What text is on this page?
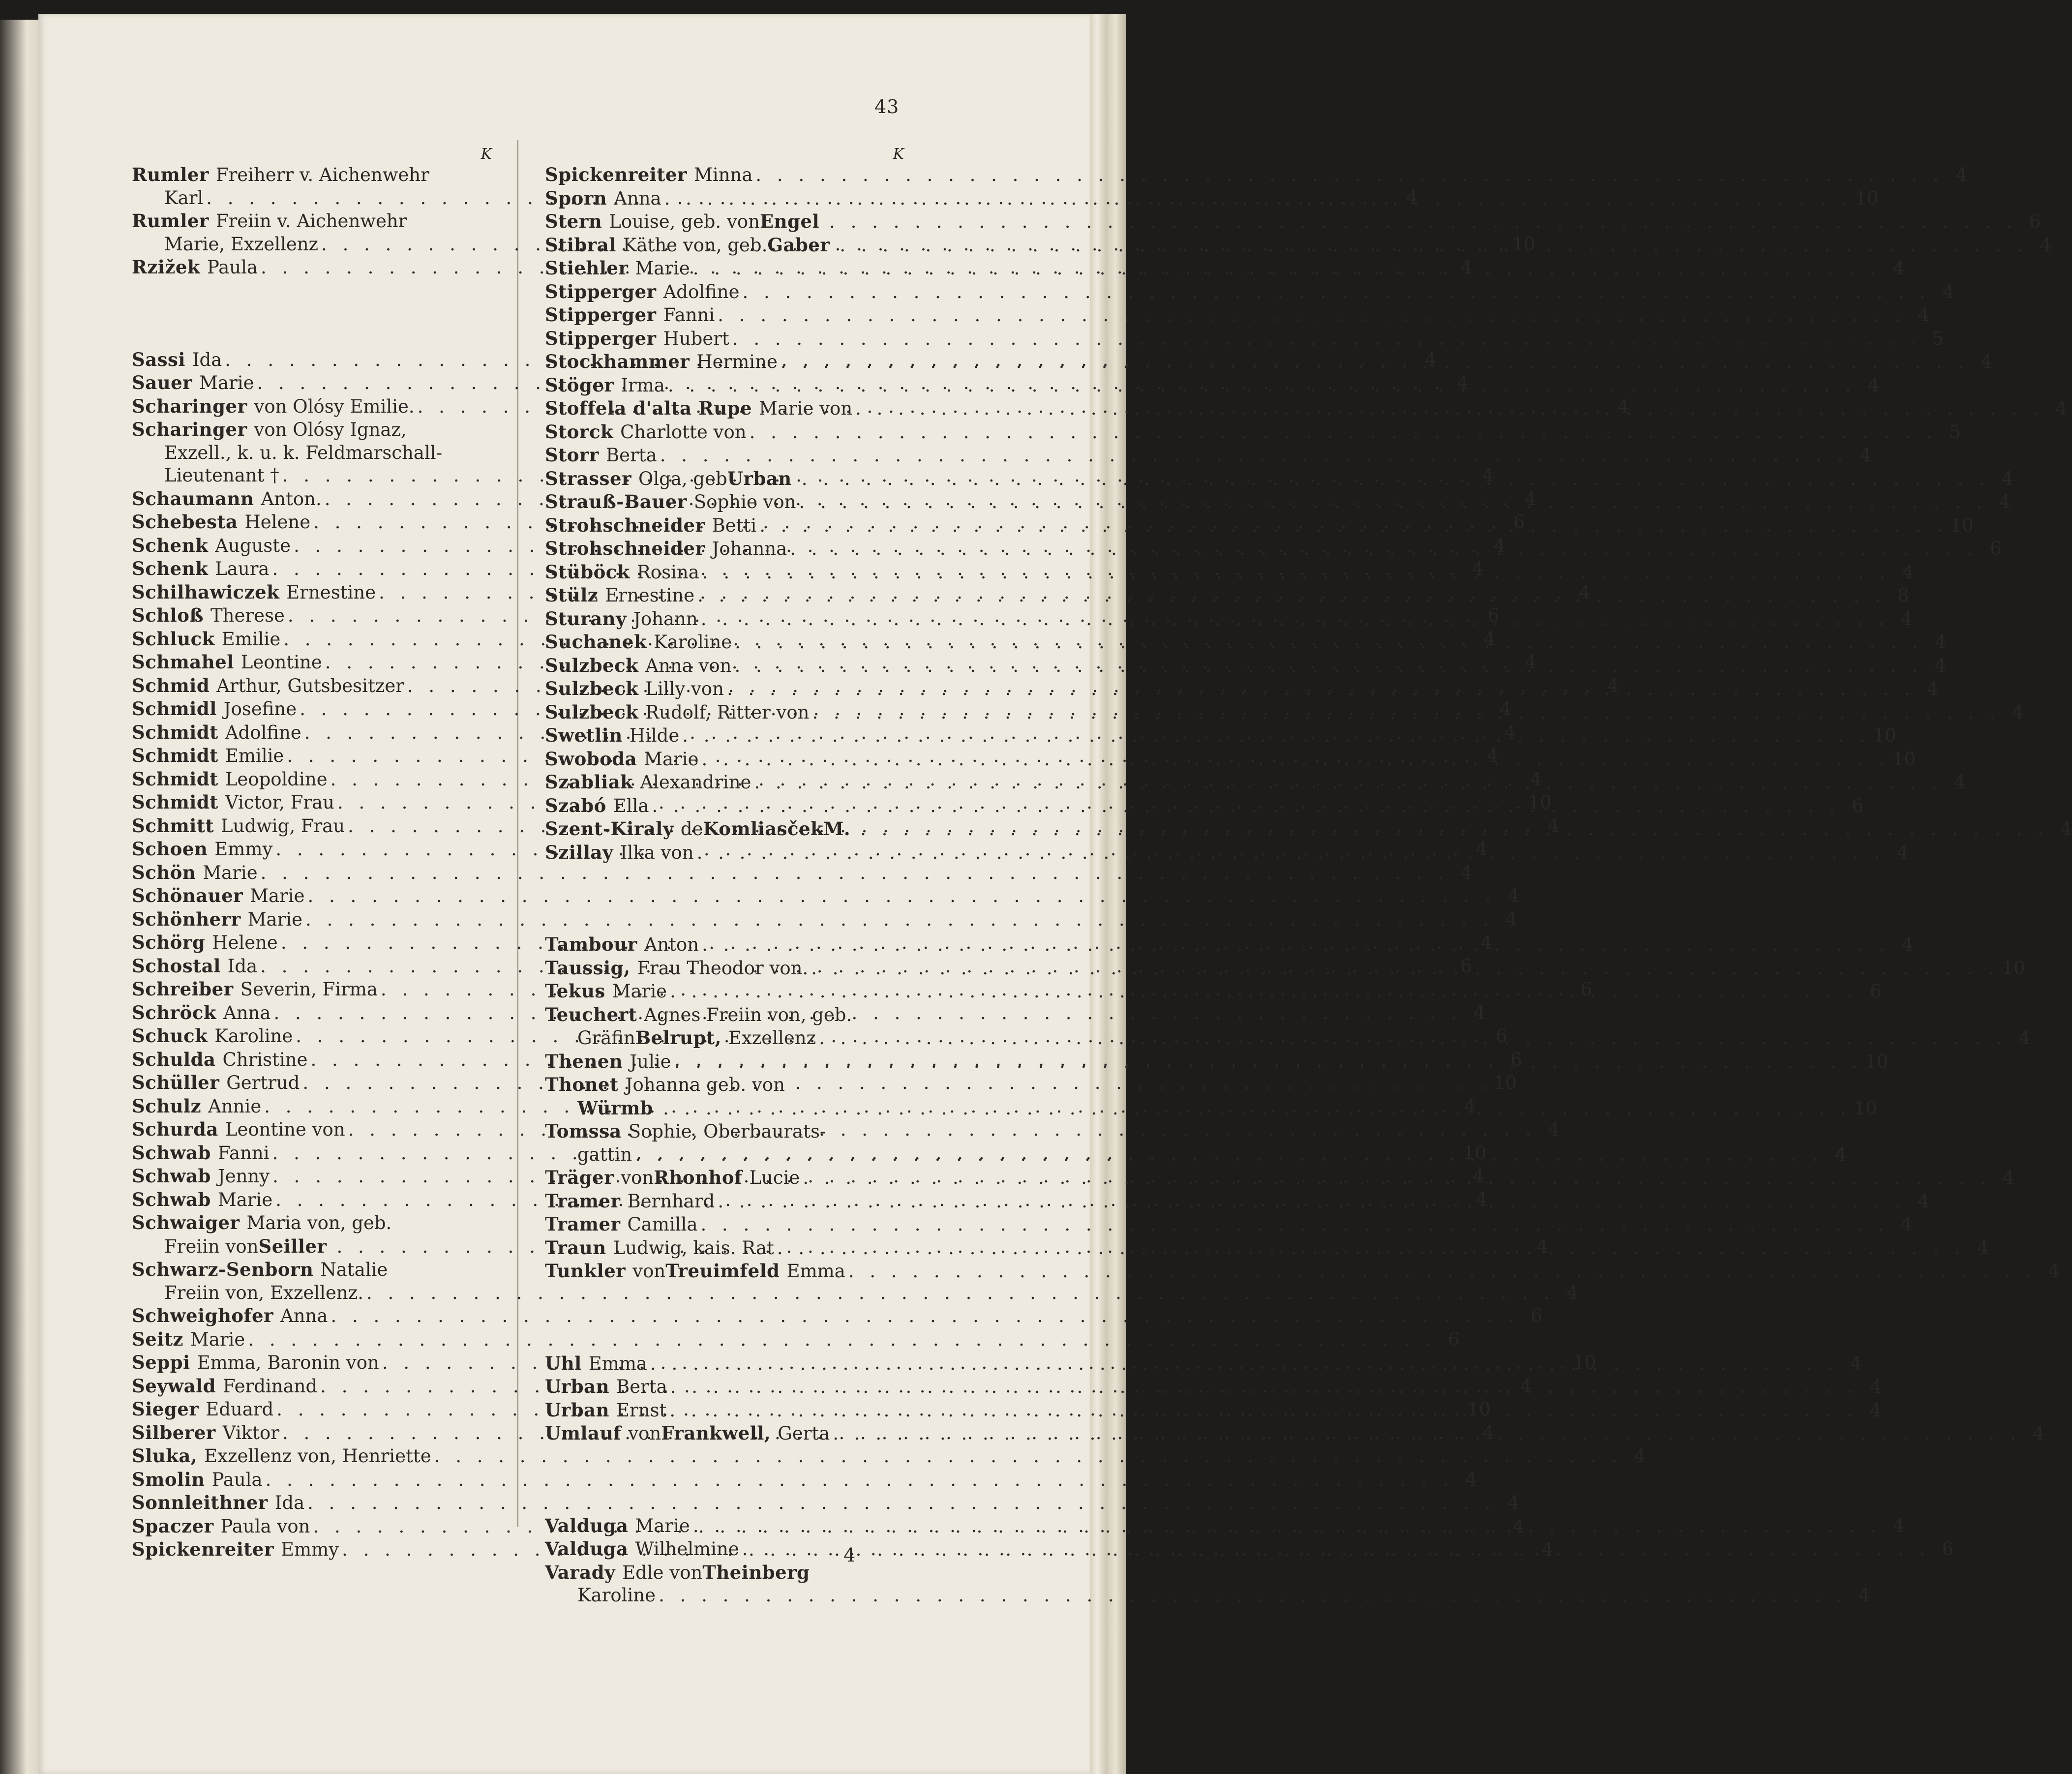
43
K
Rumler Freiherr v. Aichenwehr
Karl . . .	4
Rumler Freiin v. Aichenwehr
Marie, Exzellenz . . .	10
Rzižek Paula . . .	4
Sassi Ida . . .	4
Sauer Marie . . .	4
Scharinger von Olósy Emilie. . . .	4
Scharinger von Olósy Ignaz,
Exzell., k. u. k. Feldmarschall-
Lieutenant † . . .	4
Schaumann Anton. . . .	4
Schebesta Helene . . .	6
Schenk Auguste . . .	4
Schenk Laura . . .	4
Schilhawiczek Ernestine . . .	4
Schloß Therese . . .	6
Schluck Emilie . . .	4
Schmahel Leontine . . .	4
Schmid Arthur, Gutsbesitzer . . .	4
Schmidl Josefine . . .	4
Schmidt Adolfine . . .	4
Schmidt Emilie . . .	4
Schmidt Leopoldine . . .	4
Schmidt Victor, Frau . . .	10
Schmitt Ludwig, Frau . . .	4
Schoen Emmy . . .	4
Schön Marie . . .	4
Schönauer Marie . . .	4
Schönherr Marie . . .	4
Schörg Helene . . .	4
Schostal Ida . . .	6
Schreiber Severin, Firma . . .	6
Schröck Anna . . .	4
Schuck Karoline . . .	6
Schulda Christine . . .	6
Schüller Gertrud . . .	10
Schulz Annie . . .	4
Schurda Leontine von . . .	4
Schwab Fanni . . .	10
Schwab Jenny . . .	4
Schwab Marie . . .	4
Schwaiger Maria von, geb.
Freiin von Seiller . . .	4
Schwarz-Senborn Natalie
Freiin von, Exzellenz. . . .	4
Schweighofer Anna . . .	6
Seitz Marie . . .	6
Seppi Emma, Baronin von . . .	10
Seywald Ferdinand . . .	4
Sieger Eduard . . .	10
Silberer Viktor . . .	4
Sluka, Exzellenz von, Henriette . . .	4
Smolin Paula . . .	4
Sonnleithner Ida . . .	4
Spaczer Paula von . . .	4
Spickenreiter Emmy . . .	4
K
Spickenreiter Minna . . .	4
Sporn Anna . . .	10
Stern Louise, geb. von Engel . . .	6
Stibral Käthe von, geb. Gaber . . .	4
Stiehler Marie . . .	4
Stipperger Adolfine . . .	4
Stipperger Fanni . . .	4
Stipperger Hubert . . .	5
Stockhammer Hermine . . .	4
Stöger Irma . . .	4
Stoffela d'alta Rupe Marie von . . .	4
Storck Charlotte von . . .	5
Storr Berta . . .	4
Strasser Olga, geb Urban . . .	4
Strauß-Bauer Sophie von . . .	4
Strohschneider Betti . . .	10
Strohschneider Johanna . . .	6
Stüböck Rosina . . .	4
Stülz Ernestine . . .	8
Sturany Johann . . .	4
Suchanek Karoline . . .	4
Sulzbeck Anna von . . .	4
Sulzbeck Lilly von . . .	4
Sulzbeck Rudolf, Ritter von . . .	4
Swetlin Hilde . . .	10
Swoboda Marie . . .	10
Szabliak Alexandrine . . .	4
Szabó Ella . . .	6
Szent-Kiraly de KomliasčekM. . . .	4
Szillay Ilka von . . .	4
Tambour Anton . . .	4
Taussig, Frau Theodor von. . . .	10
Tekus Marie . . .	6
Teuchert Agnes Freiin von, geb.
Gräfin Belrupt, Exzellenz . . .	4
Thenen Julie . . .	10
Thonet Johanna geb. von
Würmb . . .	10
Tomssa Sophie, Oberbaurats-
gattin . . .	4
Träger von Rhonhof Lucie . . .	4
Tramer Bernhard . . .	4
Tramer Camilla . . .	4
Traun Ludwig, kais. Rat . . .	4
Tunkler von Treuimfeld Emma . . .	4
Uhl Emma . . .	4
Urban Berta . . .	4
Urban Ernst . . .	4
Umlauf von Frankwell, Gerta . . .	4
Valduga Marie . . .	4
Valduga Wilhelmine . . .	6
Varady Edle von Theinberg
Karoline . . .	4
4
